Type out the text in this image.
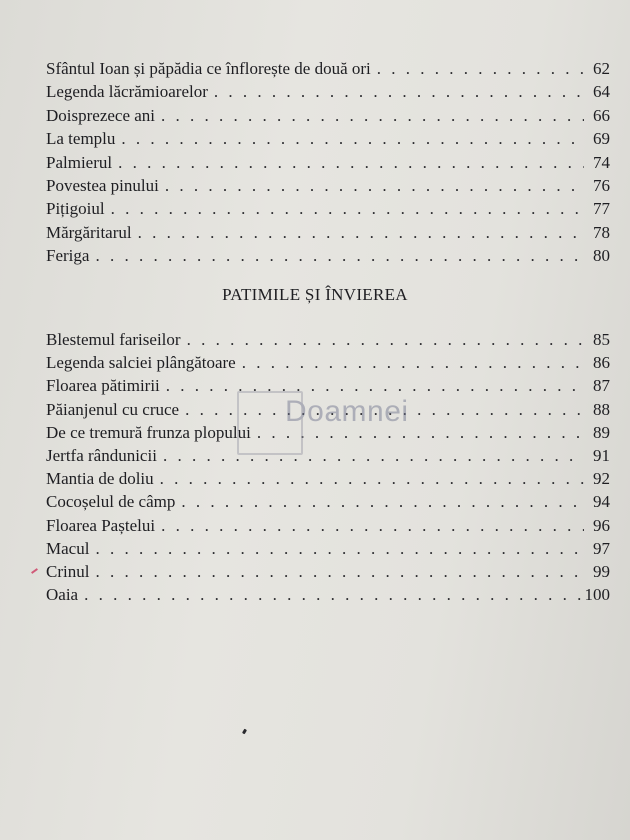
Sfântul Ioan și păpădia ce înflorește de două ori . . .	62
Legenda lăcrămioarelor . . .	64
Doisprezece ani . . .	66
La templu . . .	69
Palmierul . . .	74
Povestea pinului . . .	76
Pițigoiul . . .	77
Mărgăritarul . . .	78
Feriga . . .	80
PATIMILE ȘI ÎNVIEREA
Blestemul fariseilor . . .	85
Legenda salciei plângătoare . . .	86
Floarea pătimirii . . .	87
Păianjenul cu cruce . . .	88
De ce tremură frunza plopului . . .	89
Jertfa rândunicii . . .	91
Mantia de doliu . . .	92
Cocoșelul de câmp . . .	94
Floarea Paștelui . . .	96
Macul . . .	97
Crinul . . .	99
Oaia . . .	100
Doamnei
